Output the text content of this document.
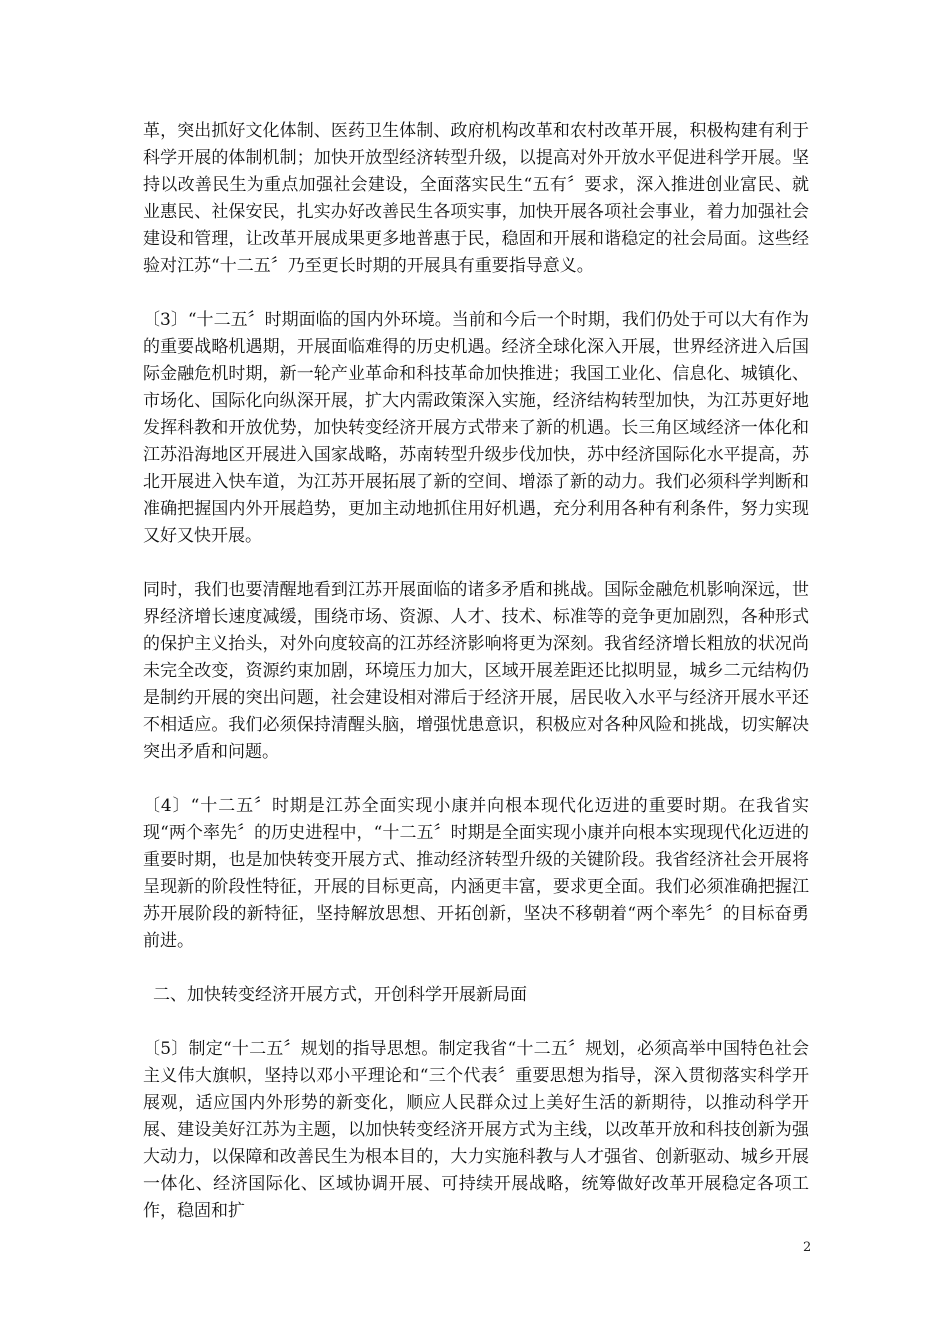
革，突出抓好文化体制、医药卫生体制、政府机构改革和农村改革开展，积极构建有利于科学开展的体制机制；加快开放型经济转型升级，以提高对外开放水平促进科学开展。坚持以改善民生为重点加强社会建设，全面落实民生“五有〞要求，深入推进创业富民、就业惠民、社保安民，扎实办好改善民生各项实事，加快开展各项社会事业，着力加强社会建设和管理，让改革开展成果更多地普惠于民，稳固和开展和谐稳定的社会局面。这些经验对江苏“十二五〞乃至更长时期的开展具有重要指导意义。

〔3〕“十二五〞时期面临的国内外环境。当前和今后一个时期，我们仍处于可以大有作为的重要战略机遇期，开展面临难得的历史机遇。经济全球化深入开展，世界经济进入后国际金融危机时期，新一轮产业革命和科技革命加快推进；我国工业化、信息化、城镇化、市场化、国际化向纵深开展，扩大内需政策深入实施，经济结构转型加快，为江苏更好地发挥科教和开放优势，加快转变经济开展方式带来了新的机遇。长三角区域经济一体化和江苏沿海地区开展进入国家战略，苏南转型升级步伐加快，苏中经济国际化水平提高，苏北开展进入快车道，为江苏开展拓展了新的空间、增添了新的动力。我们必须科学判断和准确把握国内外开展趋势，更加主动地抓住用好机遇，充分利用各种有利条件，努力实现又好又快开展。

同时，我们也要清醒地看到江苏开展面临的诸多矛盾和挑战。国际金融危机影响深远，世界经济增长速度减缓，围绕市场、资源、人才、技术、标准等的竞争更加剧烈，各种形式的保护主义抬头，对外向度较高的江苏经济影响将更为深刻。我省经济增长粗放的状况尚未完全改变，资源约束加剧，环境压力加大，区域开展差距还比拟明显，城乡二元结构仍是制约开展的突出问题，社会建设相对滞后于经济开展，居民收入水平与经济开展水平还不相适应。我们必须保持清醒头脑，增强忧患意识，积极应对各种风险和挑战，切实解决突出矛盾和问题。

〔4〕“十二五〞时期是江苏全面实现小康并向根本现代化迈进的重要时期。在我省实现“两个率先〞的历史进程中，“十二五〞时期是全面实现小康并向根本实现现代化迈进的重要时期，也是加快转变开展方式、推动经济转型升级的关键阶段。我省经济社会开展将呈现新的阶段性特征，开展的目标更高，内涵更丰富，要求更全面。我们必须准确把握江苏开展阶段的新特征，坚持解放思想、开拓创新，坚决不移朝着“两个率先〞的目标奋勇前进。

二、加快转变经济开展方式，开创科学开展新局面

〔5〕制定“十二五〞规划的指导思想。制定我省“十二五〞规划，必须高举中国特色社会主义伟大旗帜，坚持以邓小平理论和“三个代表〞重要思想为指导，深入贯彻落实科学开展观，适应国内外形势的新变化，顺应人民群众过上美好生活的新期待，以推动科学开展、建设美好江苏为主题，以加快转变经济开展方式为主线，以改革开放和科技创新为强大动力，以保障和改善民生为根本目的，大力实施科教与人才强省、创新驱动、城乡开展一体化、经济国际化、区域协调开展、可持续开展战略，统筹做好改革开展稳定各项工作，稳固和扩

2
